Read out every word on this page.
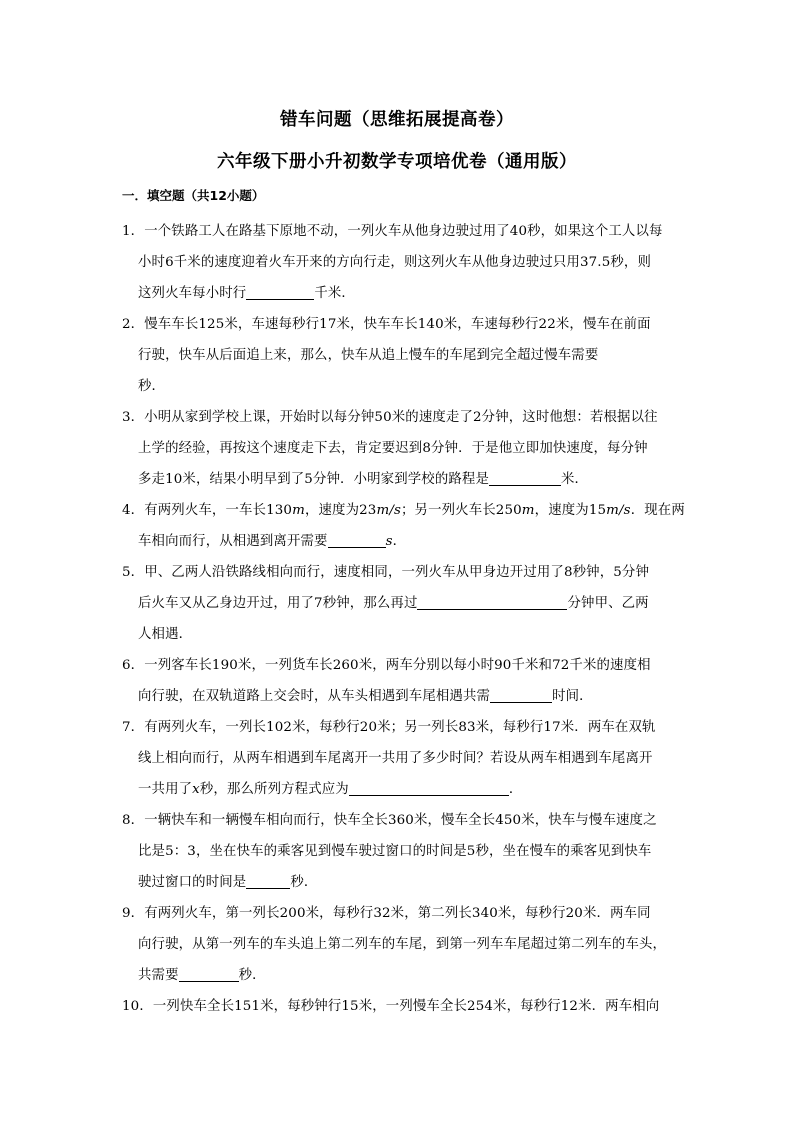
错车问题（思维拓展提高卷）
六年级下册小升初数学专项培优卷（通用版）
一．填空题（共12小题）
1．一个铁路工人在路基下原地不动，一列火车从他身边驶过用了40秒，如果这个工人以每
小时6千米的速度迎着火车开来的方向行走，则这列火车从他身边驶过只用37.5秒，则
这列火车每小时行	千米．
2．慢车车长125米，车速每秒行17米，快车车长140米，车速每秒行22米，慢车在前面
行驶，快车从后面追上来，那么，快车从追上慢车的车尾到完全超过慢车需要
秒．
3．小明从家到学校上课，开始时以每分钟50米的速度走了2分钟，这时他想：若根据以往
上学的经验，再按这个速度走下去，肯定要迟到8分钟．于是他立即加快速度，每分钟
多走10米，结果小明早到了5分钟．小明家到学校的路程是	米．
4．有两列火车，一车长130m，速度为23m/s；另一列火车长250m，速度为15m/s．现在两
车相向而行，从相遇到离开需要	s．
5．甲、乙两人沿铁路线相向而行，速度相同，一列火车从甲身边开过用了8秒钟，5分钟
后火车又从乙身边开过，用了7秒钟，那么再过	分钟甲、乙两
人相遇．
6．一列客车长190米，一列货车长260米，两车分别以每小时90千米和72千米的速度相
向行驶，在双轨道路上交会时，从车头相遇到车尾相遇共需	时间．
7．有两列火车，一列长102米，每秒行20米；另一列长83米，每秒行17米．两车在双轨
线上相向而行，从两车相遇到车尾离开一共用了多少时间？若设从两车相遇到车尾离开
一共用了x秒，那么所列方程式应为	．
8．一辆快车和一辆慢车相向而行，快车全长360米，慢车全长450米，快车与慢车速度之
比是5：3，坐在快车的乘客见到慢车驶过窗口的时间是5秒，坐在慢车的乘客见到快车
驶过窗口的时间是	秒．
9．有两列火车，第一列长200米，每秒行32米，第二列长340米，每秒行20米．两车同
向行驶，从第一列车的车头追上第二列车的车尾，到第一列车车尾超过第二列车的车头，
共需要	秒．
10．一列快车全长151米，每秒钟行15米，一列慢车全长254米，每秒行12米．两车相向
